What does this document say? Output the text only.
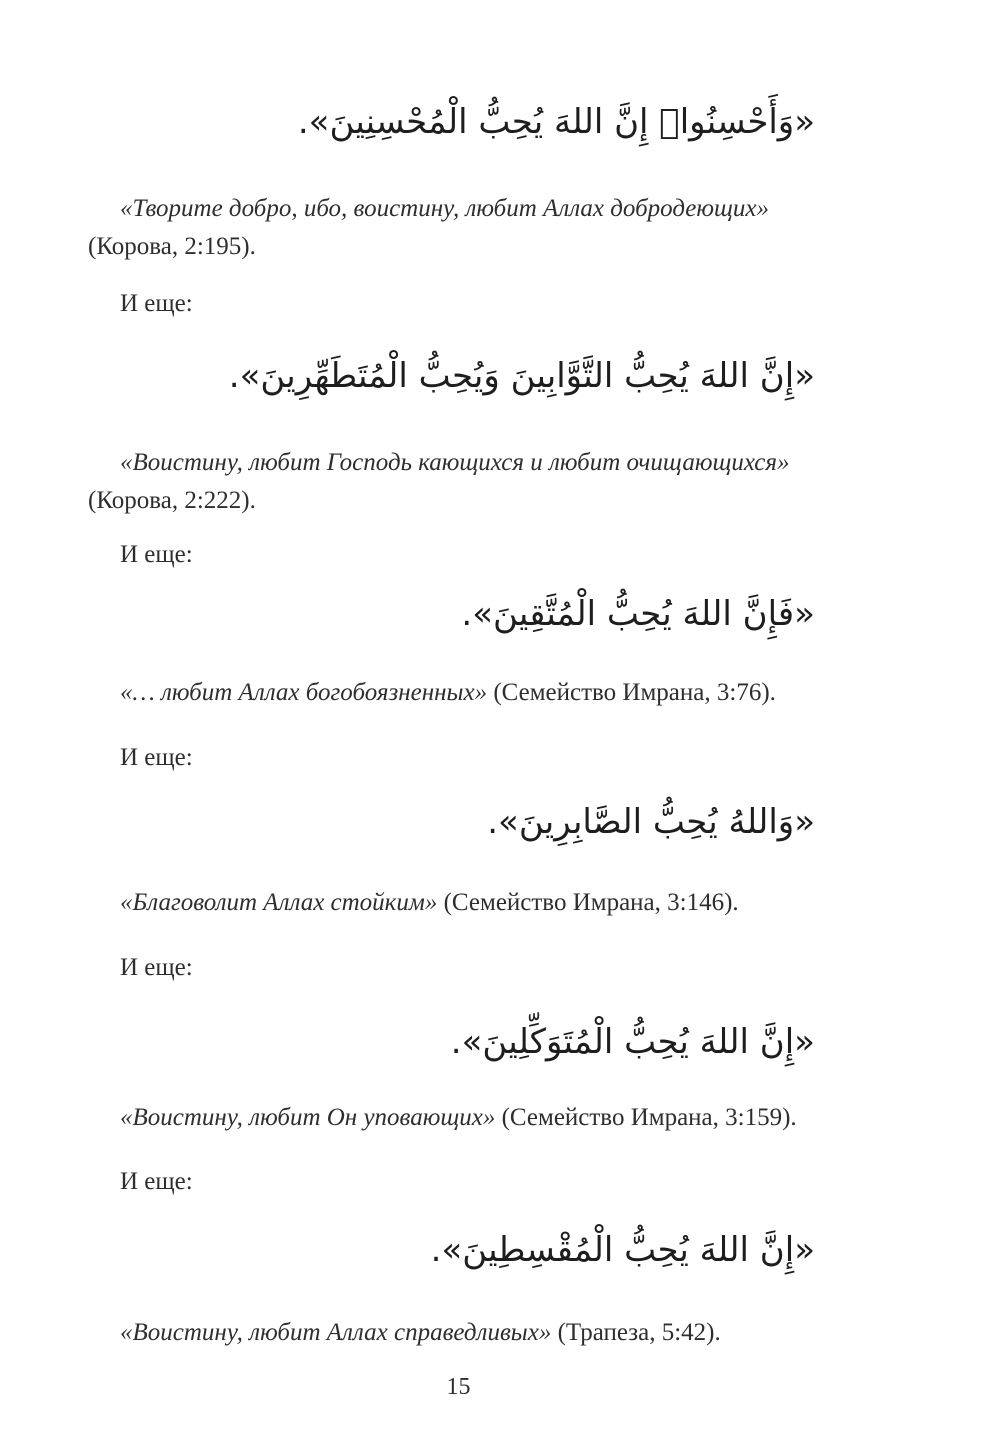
«وَأَحْسِنُوا۟ إِنَّ اللهَ يُحِبُّ الْمُحْسِنِينَ».

«Творите добро, ибо, воистину, любит Аллах добродеющих» (Корова, 2:195).

И еще:

«إِنَّ اللهَ يُحِبُّ التَّوَّابِينَ وَيُحِبُّ الْمُتَطَهِّرِينَ».

«Воистину, любит Господь кающихся и любит очищающихся» (Корова, 2:222).

И еще:

«فَإِنَّ اللهَ يُحِبُّ الْمُتَّقِينَ».

«… любит Аллах богобоязненных» (Семейство Имрана, 3:76).

И еще:

«وَاللهُ يُحِبُّ الصَّابِرِينَ».

«Благоволит Аллах стойким» (Семейство Имрана, 3:146).

И еще:

«إِنَّ اللهَ يُحِبُّ الْمُتَوَكِّلِينَ».

«Воистину, любит Он уповающих» (Семейство Имрана, 3:159).

И еще:

«إِنَّ اللهَ يُحِبُّ الْمُقْسِطِينَ».

«Воистину, любит Аллах справедливых» (Трапеза, 5:42).

15
